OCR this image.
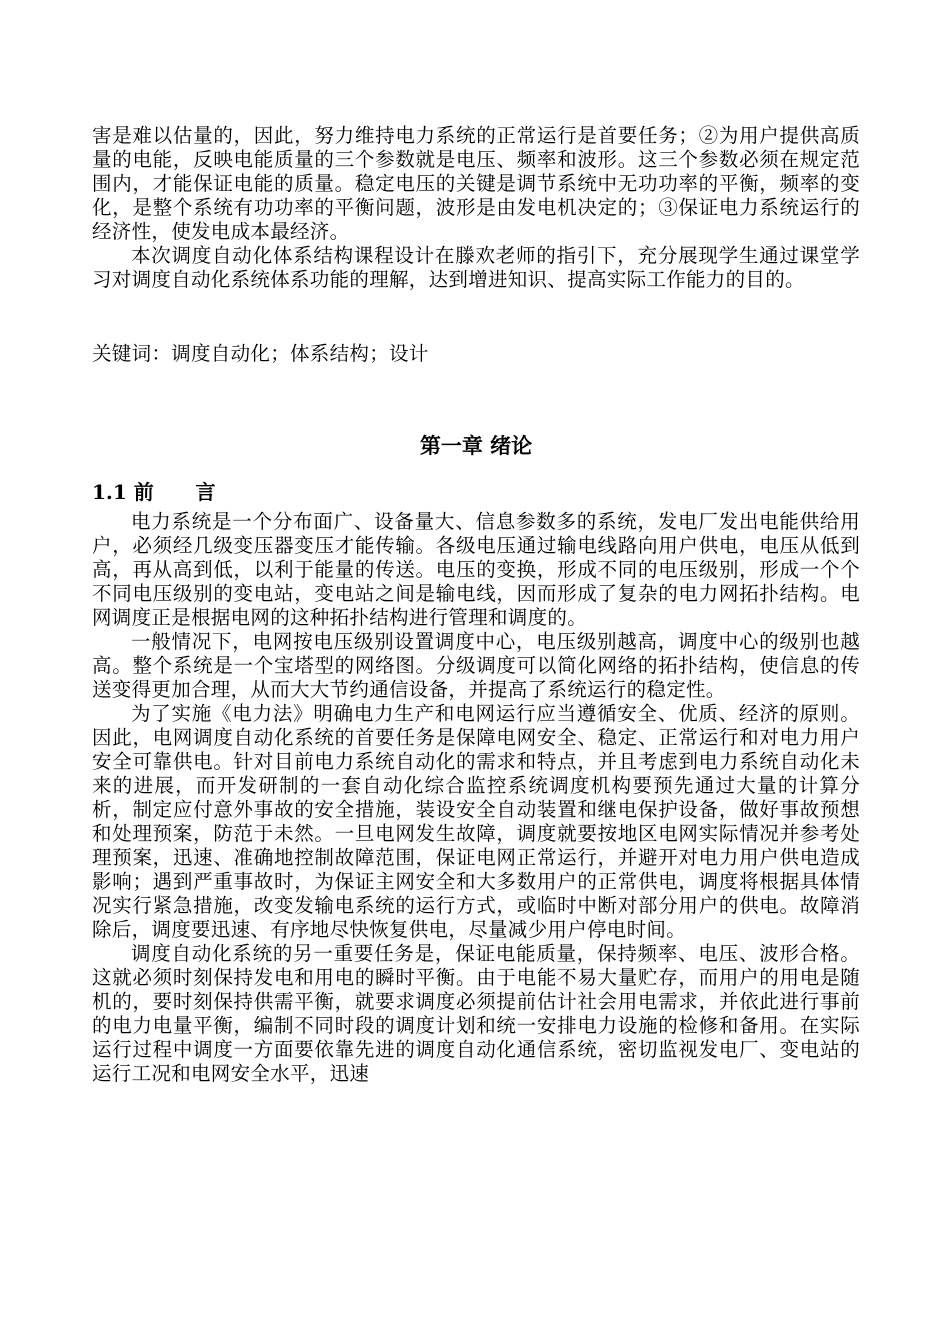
害是难以估量的，因此，努力维持电力系统的正常运行是首要任务；②为用户提供高质量的电能，反映电能质量的三个参数就是电压、频率和波形。这三个参数必须在规定范围内，才能保证电能的质量。稳定电压的关键是调节系统中无功功率的平衡，频率的变化，是整个系统有功功率的平衡问题，波形是由发电机决定的；③保证电力系统运行的经济性，使发电成本最经济。

本次调度自动化体系结构课程设计在滕欢老师的指引下，充分展现学生通过课堂学习对调度自动化系统体系功能的理解，达到增进知识、提高实际工作能力的目的。

关键词：调度自动化；体系结构；设计

第一章 绪论
1.1 前      言

电力系统是一个分布面广、设备量大、信息参数多的系统，发电厂发出电能供给用户，必须经几级变压器变压才能传输。各级电压通过输电线路向用户供电，电压从低到高，再从高到低，以利于能量的传送。电压的变换，形成不同的电压级别，形成一个个不同电压级别的变电站，变电站之间是输电线，因而形成了复杂的电力网拓扑结构。电网调度正是根据电网的这种拓扑结构进行管理和调度的。

一般情况下，电网按电压级别设置调度中心，电压级别越高，调度中心的级别也越高。整个系统是一个宝塔型的网络图。分级调度可以简化网络的拓扑结构，使信息的传送变得更加合理，从而大大节约通信设备，并提高了系统运行的稳定性。

为了实施《电力法》明确电力生产和电网运行应当遵循安全、优质、经济的原则。因此，电网调度自动化系统的首要任务是保障电网安全、稳定、正常运行和对电力用户安全可靠供电。针对目前电力系统自动化的需求和特点，并且考虑到电力系统自动化未来的进展，而开发研制的一套自动化综合监控系统调度机构要预先通过大量的计算分析，制定应付意外事故的安全措施，装设安全自动装置和继电保护设备，做好事故预想和处理预案，防范于未然。一旦电网发生故障，调度就要按地区电网实际情况并参考处理预案，迅速、准确地控制故障范围，保证电网正常运行，并避开对电力用户供电造成影响；遇到严重事故时，为保证主网安全和大多数用户的正常供电，调度将根据具体情况实行紧急措施，改变发输电系统的运行方式，或临时中断对部分用户的供电。故障消除后，调度要迅速、有序地尽快恢复供电，尽量减少用户停电时间。

调度自动化系统的另一重要任务是，保证电能质量，保持频率、电压、波形合格。这就必须时刻保持发电和用电的瞬时平衡。由于电能不易大量贮存，而用户的用电是随机的，要时刻保持供需平衡，就要求调度必须提前估计社会用电需求，并依此进行事前的电力电量平衡，编制不同时段的调度计划和统一安排电力设施的检修和备用。在实际运行过程中调度一方面要依靠先进的调度自动化通信系统，密切监视发电厂、变电站的运行工况和电网安全水平，迅速
